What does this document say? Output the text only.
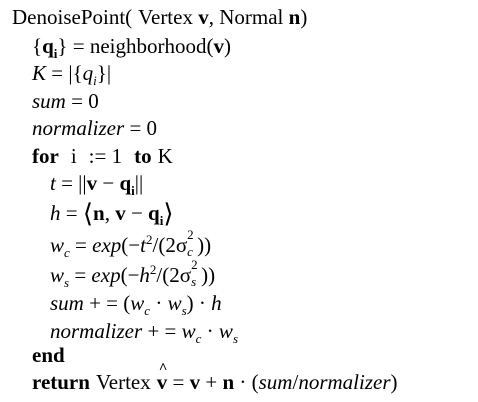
DenoisePoint( Vertex v, Normal n)
$\{q_i\}$ = neighborhood(v)
$K = |\{q_i\}|$
sum = 0
normalizer = 0
for i := 1 to K
$t = ||v - q_i||$
h = ⟨n, $v - q_i⟩$
$w_c = \exp(-t^2/(2\sigma$ 2
c ))
$w_s = \exp(-h^2/(2\sigma$ 2
s ))
sum + = $(w_c \cdot w_s) \cdot h$
normalizer + = $w_c \cdot w_s$
end
return Vertex^ v = v + n · (sum/normalizer)
